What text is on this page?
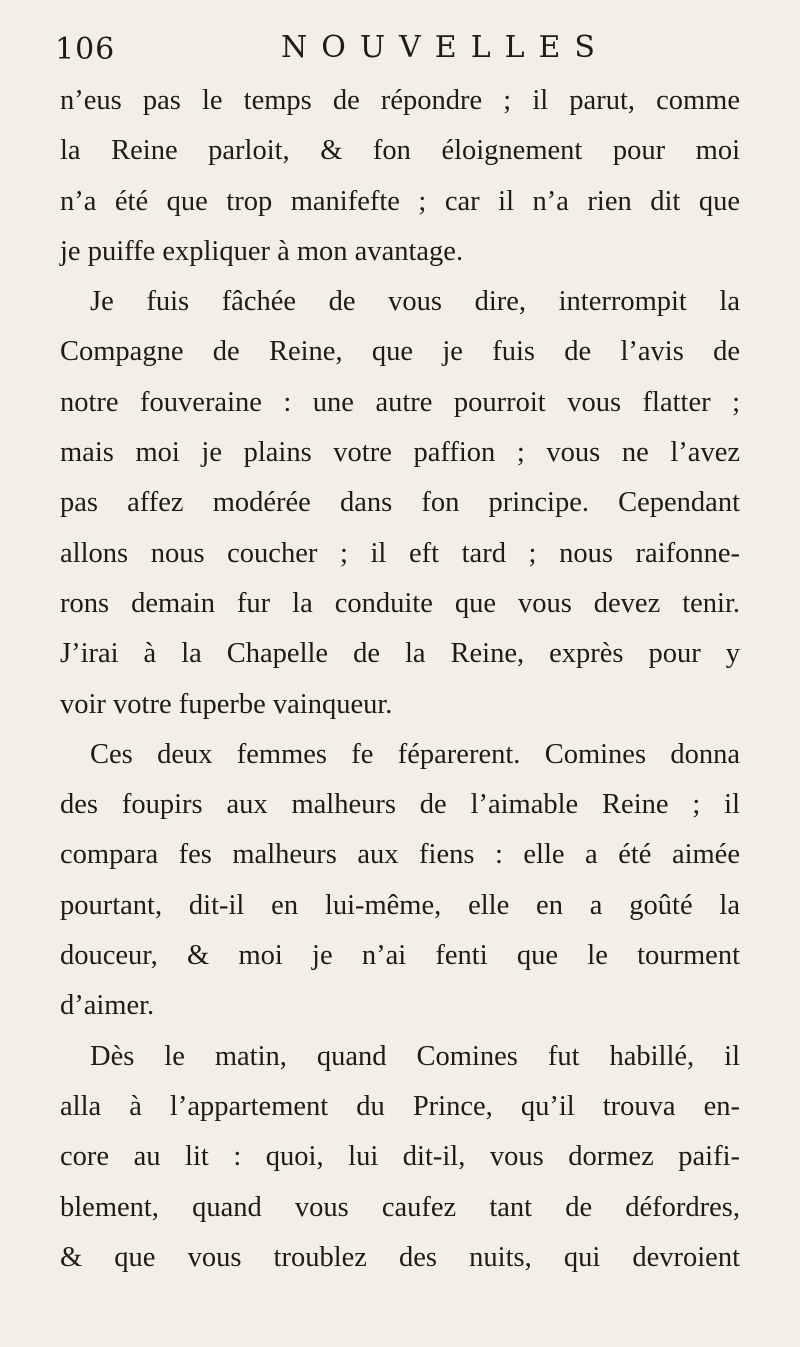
106	NOUVELLES
n’eus pas le temps de répondre ; il parut, comme
la Reine parloit, & fon éloignement pour moi
n’a été que trop manifefte ; car il n’a rien dit que
je puiffe expliquer à mon avantage.
Je fuis fâchée de vous dire, interrompit la
Compagne de Reine, que je fuis de l’avis de
notre fouveraine : une autre pourroit vous flatter ;
mais moi je plains votre paffion ; vous ne l’avez
pas affez modérée dans fon principe. Cependant
allons nous coucher ; il eft tard ; nous raifonne-
rons demain fur la conduite que vous devez tenir.
J’irai à la Chapelle de la Reine, exprès pour y
voir votre fuperbe vainqueur.
Ces deux femmes fe féparerent. Comines donna
des foupirs aux malheurs de l’aimable Reine ; il
compara fes malheurs aux fiens : elle a été aimée
pourtant, dit-il en lui-même, elle en a goûté la
douceur, & moi je n’ai fenti que le tourment
d’aimer.
Dès le matin, quand Comines fut habillé, il
alla à l’appartement du Prince, qu’il trouva en-
core au lit : quoi, lui dit-il, vous dormez paifi-
blement, quand vous caufez tant de défordres,
& que vous troublez des nuits, qui devroient
